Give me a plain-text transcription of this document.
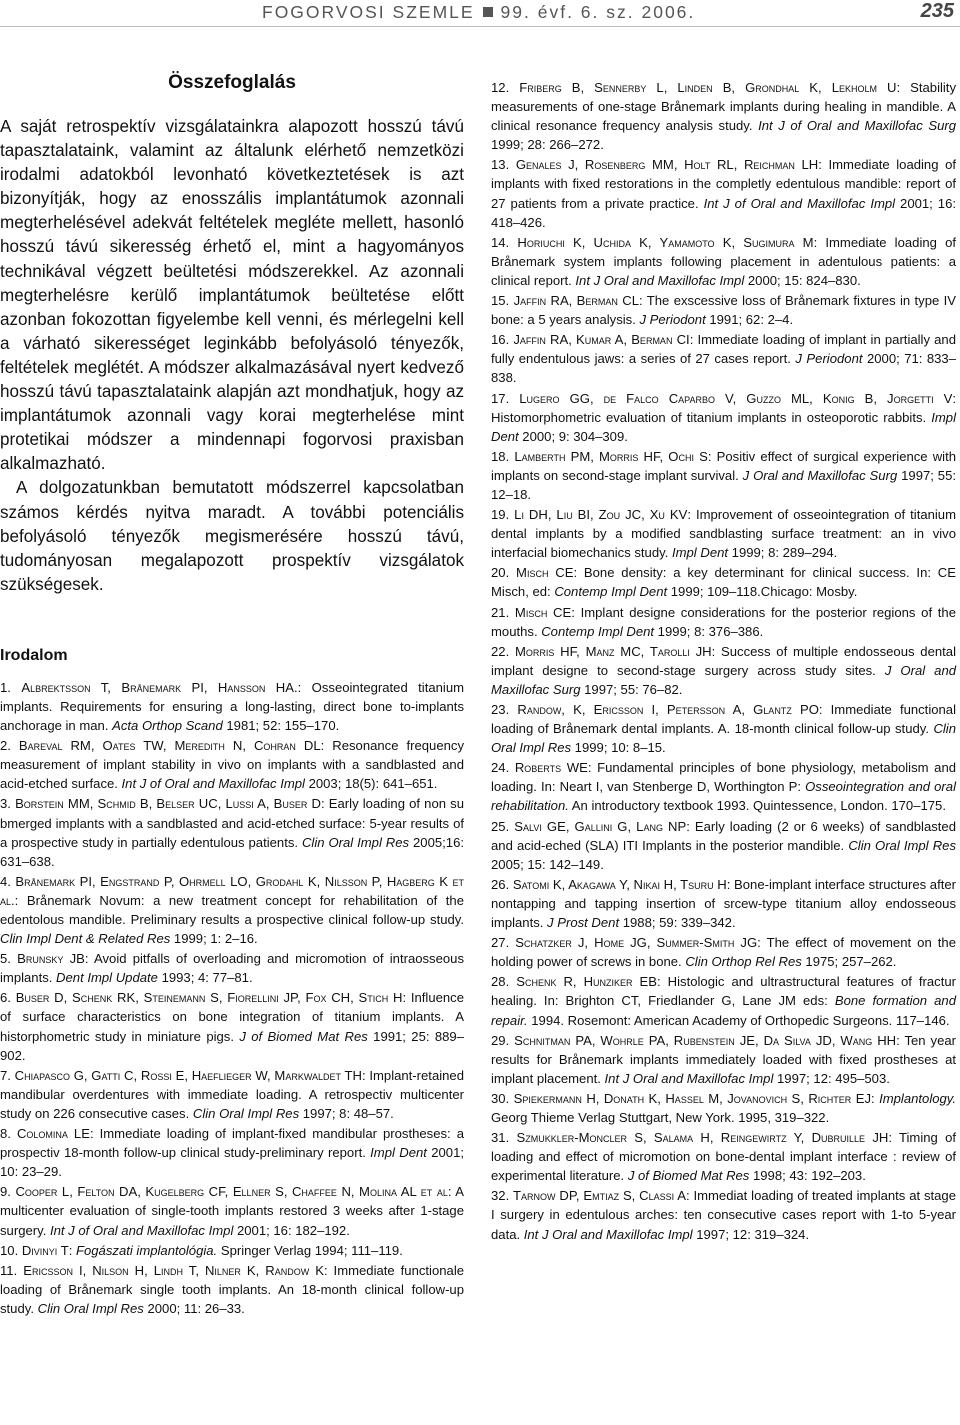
FOGORVOSI SZEMLE 99. évf. 6. sz. 2006.	235
Összefoglalás

A saját retrospektív vizsgálatainkra alapozott hosszú távú tapasztalataink, valamint az általunk elérhető nemzetközi irodalmi adatokból levonható következtetések is azt bizonyítják, hogy az enosszális implantátumok azonnali megterhelésével adekvát feltételek megléte mellett, hasonló hosszú távú sikeresség érhető el, mint a hagyományos technikával végzett beültetési módszerekkel. Az azonnali megterhelésre kerülő implantátumok beültetése előtt azonban fokozottan figyelembe kell venni, és mérlegelni kell a várható sikerességet leginkább befolyásoló tényezők, feltételek meglétét. A módszer alkalmazásával nyert kedvező hosszú távú tapasztalataink alapján azt mondhatjuk, hogy az implantátumok azonnali vagy korai megterhelése mint protetikai módszer a mindennapi fogorvosi praxisban alkalmazható.

A dolgozatunkban bemutatott módszerrel kapcsolatban számos kérdés nyitva maradt. A további potenciális befolyásoló tényezők megismerésére hosszú távú, tudományosan megalapozott prospektív vizsgálatok szükségesek.

Irodalom

1. Albrektsson T, Brånemark PI, Hansson HA.: Osseointegrated titanium implants. Requirements for ensuring a long-lasting, direct bone to-implants anchorage in man. Acta Orthop Scand 1981; 52: 155–170.

2. Bareval RM, Oates TW, Meredith N, Cohran DL: Resonance frequency measurement of implant stability in vivo on implants with a sandblasted and acid-etched surface. Int J of Oral and Maxillofac Impl 2003; 18(5): 641–651.

3. Borstein MM, Schmid B, Belser UC, Lussi A, Buser D: Early loading of non su bmerged implants with a sandblasted and acid-etched surface: 5-year results of a prospective study in partially edentulous patients. Clin Oral Impl Res 2005;16: 631–638.

4. Brånemark PI, Engstrand P, Ohrmell LO, Grodahl K, Nilsson P, Hagberg K et al.: Brånemark Novum: a new treatment concept for rehabilitation of the edentolous mandible. Preliminary results a prospective clinical follow-up study. Clin Impl Dent & Related Res 1999; 1: 2–16.

5. Brunsky JB: Avoid pitfalls of overloading and micromotion of intraosseous implants. Dent Impl Update 1993; 4: 77–81.

6. Buser D, Schenk RK, Steinemann S, Fiorellini JP, Fox CH, Stich H: Influence of surface characteristics on bone integration of titanium implants. A historphometric study in miniature pigs. J of Biomed Mat Res 1991; 25: 889–902.

7. Chiapasco G, Gatti C, Rossi E, Haeflieger W, Markwaldet TH: Implant-retained mandibular overdentures with immediate loading. A retrospectiv multicenter study on 226 consecutive cases. Clin Oral Impl Res 1997; 8: 48–57.

8. Colomina LE: Immediate loading of implant-fixed mandibular prostheses: a prospectiv 18-month follow-up clinical study-preliminary report. Impl Dent 2001; 10: 23–29.

9. Cooper L, Felton DA, Kugelberg CF, Ellner S, Chaffee N, Molina AL et al: A multicenter evaluation of single-tooth implants restored 3 weeks after 1-stage surgery. Int J of Oral and Maxillofac Impl 2001; 16: 182–192.

10. Divinyi T: Fogászati implantológia. Springer Verlag 1994; 111–119.

11. Ericsson I, Nilson H, Lindh T, Nilner K, Randow K: Immediate functionale loading of Brånemark single tooth implants. An 18-month clinical follow-up study. Clin Oral Impl Res 2000; 11: 26–33.

12. Friberg B, Sennerby L, Linden B, Grondhal K, Lekholm U: Stability measurements of one-stage Brånemark implants during healing in mandible. A clinical resonance frequency analysis study. Int J of Oral and Maxillofac Surg 1999; 28: 266–272.

13. Genales J, Rosenberg MM, Holt RL, Reichman LH: Immediate loading of implants with fixed restorations in the completly edentulous mandible: report of 27 patients from a private practice. Int J of Oral and Maxillofac Impl 2001; 16: 418–426.

14. Horiuchi K, Uchida K, Yamamoto K, Sugimura M: Immediate loading of Brånemark system implants following placement in adentulous patients: a clinical report. Int J Oral and Maxillofac Impl 2000; 15: 824–830.

15. Jaffin RA, Berman CL: The exscessive loss of Brånemark fixtures in type IV bone: a 5 years analysis. J Periodont 1991; 62: 2–4.

16. Jaffin RA, Kumar A, Berman CI: Immediate loading of implant in partially and fully endentulous jaws: a series of 27 cases report. J Periodont 2000; 71: 833–838.

17. Lugero GG, de Falco Caparbo V, Guzzo ML, Konig B, Jorgetti V: Histomorphometric evaluation of titanium implants in osteoporotic rabbits. Impl Dent 2000; 9: 304–309.

18. Lamberth PM, Morris HF, Ochi S: Positiv effect of surgical experience with implants on second-stage implant survival. J Oral and Maxillofac Surg 1997; 55: 12–18.

19. Li DH, Liu BI, Zou JC, Xu KV: Improvement of osseointegration of titanium dental implants by a modified sandblasting surface treatment: an in vivo interfacial biomechanics study. Impl Dent 1999; 8: 289–294.

20. Misch CE: Bone density: a key determinant for clinical success. In: CE Misch, ed: Contemp Impl Dent 1999; 109–118.Chicago: Mosby.

21. Misch CE: Implant designe considerations for the posterior regions of the mouths. Contemp Impl Dent 1999; 8: 376–386.

22. Morris HF, Manz MC, Tarolli JH: Success of multiple endosseous dental implant designe to second-stage surgery across study sites. J Oral and Maxillofac Surg 1997; 55: 76–82.

23. Randow, K, Ericsson I, Petersson A, Glantz PO: Immediate functional loading of Brånemark dental implants. A. 18-month clinical follow-up study. Clin Oral Impl Res 1999; 10: 8–15.

24. Roberts WE: Fundamental principles of bone physiology, metabolism and loading. In: Neart I, van Stenberge D, Worthington P: Osseointegration and oral rehabilitation. An introductory textbook 1993. Quintessence, London. 170–175.

25. Salvi GE, Gallini G, Lang NP: Early loading (2 or 6 weeks) of sandblasted and acid-eched (SLA) ITI Implants in the posterior mandible. Clin Oral Impl Res 2005; 15: 142–149.

26. Satomi K, Akagawa Y, Nikai H, Tsuru H: Bone-implant interface structures after nontapping and tapping insertion of srcew-type titanium alloy endosseous implants. J Prost Dent 1988; 59: 339–342.

27. Schatzker J, Home JG, Summer-Smith JG: The effect of movement on the holding power of screws in bone. Clin Orthop Rel Res 1975; 257–262.

28. Schenk R, Hunziker EB: Histologic and ultrastructural features of fractur healing. In: Brighton CT, Friedlander G, Lane JM eds: Bone formation and repair. 1994. Rosemont: American Academy of Orthopedic Surgeons. 117–146.

29. Schnitman PA, Wohrle PA, Rubenstein JE, Da Silva JD, Wang HH: Ten year results for Brånemark implants immediately loaded with fixed prostheses at implant placement. Int J Oral and Maxillofac Impl 1997; 12: 495–503.

30. Spiekermann H, Donath K, Hassel M, Jovanovich S, Richter EJ: Implantology. Georg Thieme Verlag Stuttgart, New York. 1995, 319–322.

31. Szmukkler-Moncler S, Salama H, Reingewirtz Y, Dubruille JH: Timing of loading and effect of micromotion on bone-dental implant interface : review of experimental literature. J of Biomed Mat Res 1998; 43: 192–203.

32. Tarnow DP, Emtiaz S, Classi A: Immediat loading of treated implants at stage I surgery in edentulous arches: ten consecutive cases report with 1-to 5-year data. Int J Oral and Maxillofac Impl 1997; 12: 319–324.
